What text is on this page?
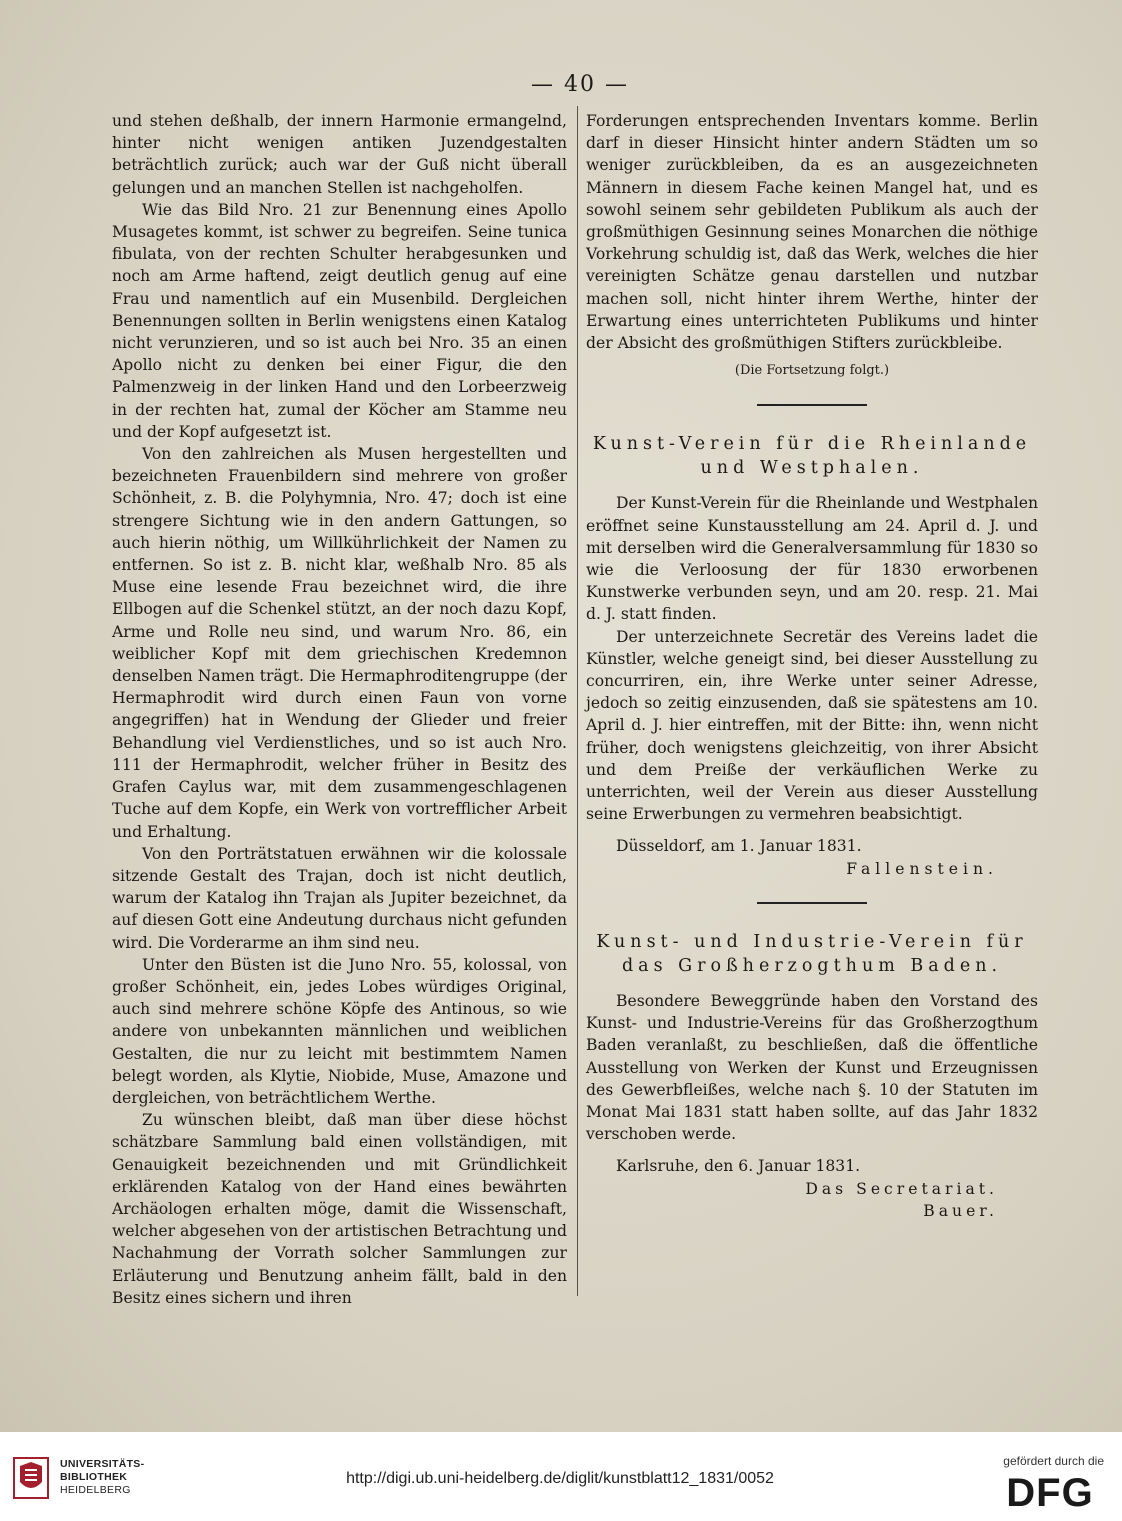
— 40 —

und stehen deßhalb, der innern Harmonie ermangelnd, hinter nicht wenigen antiken Juzendgestalten beträchtlich zurück; auch war der Guß nicht überall gelungen und an manchen Stellen ist nachgeholfen.

Wie das Bild Nro. 21 zur Benennung eines Apollo Musagetes kommt, ist schwer zu begreifen. Seine tunica fibulata, von der rechten Schulter herabgesunken und noch am Arme haftend, zeigt deutlich genug auf eine Frau und namentlich auf ein Musenbild. Dergleichen Benennungen sollten in Berlin wenigstens einen Katalog nicht verunzieren, und so ist auch bei Nro. 35 an einen Apollo nicht zu denken bei einer Figur, die den Palmenzweig in der linken Hand und den Lorbeerzweig in der rechten hat, zumal der Köcher am Stamme neu und der Kopf aufgesetzt ist.

Von den zahlreichen als Musen hergestellten und bezeichneten Frauenbildern sind mehrere von großer Schönheit, z. B. die Polyhymnia, Nro. 47; doch ist eine strengere Sichtung wie in den andern Gattungen, so auch hierin nöthig, um Willkührlichkeit der Namen zu entfernen. So ist z. B. nicht klar, weßhalb Nro. 85 als Muse eine lesende Frau bezeichnet wird, die ihre Ellbogen auf die Schenkel stützt, an der noch dazu Kopf, Arme und Rolle neu sind, und warum Nro. 86, ein weiblicher Kopf mit dem griechischen Kredemnon denselben Namen trägt. Die Hermaphroditengruppe (der Hermaphrodit wird durch einen Faun von vorne angegriffen) hat in Wendung der Glieder und freier Behandlung viel Verdienstliches, und so ist auch Nro. 111 der Hermaphrodit, welcher früher in Besitz des Grafen Caylus war, mit dem zusammengeschlagenen Tuche auf dem Kopfe, ein Werk von vortrefflicher Arbeit und Erhaltung.

Von den Porträtstatuen erwähnen wir die kolossale sitzende Gestalt des Trajan, doch ist nicht deutlich, warum der Katalog ihn Trajan als Jupiter bezeichnet, da auf diesen Gott eine Andeutung durchaus nicht gefunden wird. Die Vorderarme an ihm sind neu.

Unter den Büsten ist die Juno Nro. 55, kolossal, von großer Schönheit, ein, jedes Lobes würdiges Original, auch sind mehrere schöne Köpfe des Antinous, so wie andere von unbekannten männlichen und weiblichen Gestalten, die nur zu leicht mit bestimmtem Namen belegt worden, als Klytie, Niobide, Muse, Amazone und dergleichen, von beträchtlichem Werthe.

Zu wünschen bleibt, daß man über diese höchst schätzbare Sammlung bald einen vollständigen, mit Genauigkeit bezeichnenden und mit Gründlichkeit erklärenden Katalog von der Hand eines bewährten Archäologen erhalten möge, damit die Wissenschaft, welcher abgesehen von der artistischen Betrachtung und Nachahmung der Vorrath solcher Sammlungen zur Erläuterung und Benutzung anheim fällt, bald in den Besitz eines sichern und ihren

Forderungen entsprechenden Inventars komme. Berlin darf in dieser Hinsicht hinter andern Städten um so weniger zurückbleiben, da es an ausgezeichneten Männern in diesem Fache keinen Mangel hat, und es sowohl seinem sehr gebildeten Publikum als auch der großmüthigen Gesinnung seines Monarchen die nöthige Vorkehrung schuldig ist, daß das Werk, welches die hier vereinigten Schätze genau darstellen und nutzbar machen soll, nicht hinter ihrem Werthe, hinter der Erwartung eines unterrichteten Publikums und hinter der Absicht des großmüthigen Stifters zurückbleibe.

(Die Fortsetzung folgt.)
Kunst-Verein für die Rheinlande und Westphalen.

Der Kunst-Verein für die Rheinlande und Westphalen eröffnet seine Kunstausstellung am 24. April d. J. und mit derselben wird die Generalversammlung für 1830 so wie die Verloosung der für 1830 erworbenen Kunstwerke verbunden seyn, und am 20. resp. 21. Mai d. J. statt finden.

Der unterzeichnete Secretär des Vereins ladet die Künstler, welche geneigt sind, bei dieser Ausstellung zu concurriren, ein, ihre Werke unter seiner Adresse, jedoch so zeitig einzusenden, daß sie spätestens am 10. April d. J. hier eintreffen, mit der Bitte: ihn, wenn nicht früher, doch wenigstens gleichzeitig, von ihrer Absicht und dem Preiße der verkäuflichen Werke zu unterrichten, weil der Verein aus dieser Ausstellung seine Erwerbungen zu vermehren beabsichtigt.

Düsseldorf, am 1. Januar 1831.

Fallenstein.

Kunst- und Industrie-Verein für das Großherzogthum Baden.

Besondere Beweggründe haben den Vorstand des Kunst- und Industrie-Vereins für das Großherzogthum Baden veranlaßt, zu beschließen, daß die öffentliche Ausstellung von Werken der Kunst und Erzeugnissen des Gewerbfleißes, welche nach §. 10 der Statuten im Monat Mai 1831 statt haben sollte, auf das Jahr 1832 verschoben werde.

Karlsruhe, den 6. Januar 1831.

Das Secretariat.

Bauer.

UNIVERSITÄTS-
BIBLIOTHEK
HEIDELBERG
http://digi.ub.uni-heidelberg.de/diglit/kunstblatt12_1831/0052
gefördert durch die
DFG
